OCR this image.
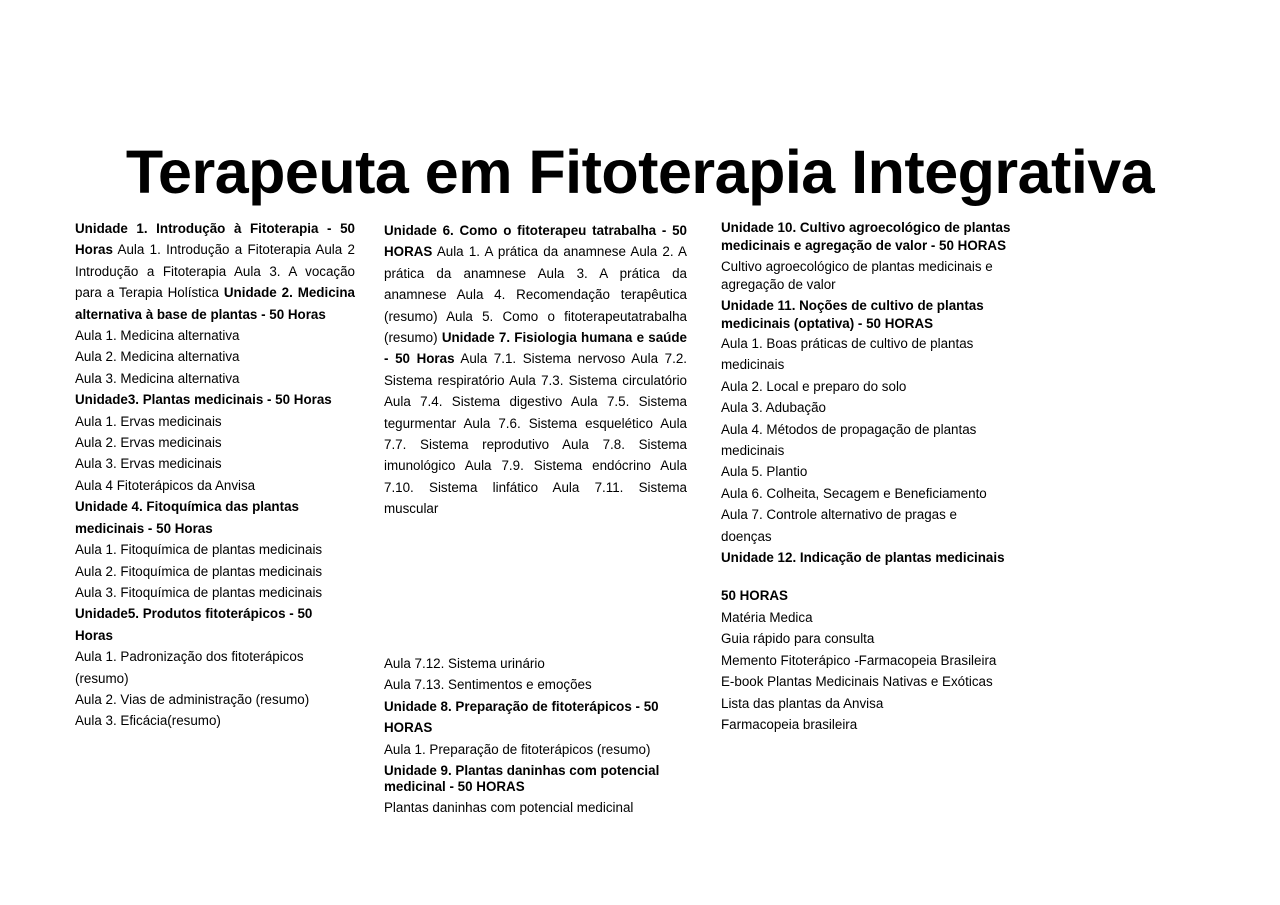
Terapeuta em Fitoterapia Integrativa

Unidade 1. Introdução à Fitoterapia - 50 Horas Aula 1. Introdução a Fitoterapia Aula 2 Introdução a Fitoterapia Aula 3. A vocação para a Terapia Holística Unidade 2. Medicina alternativa à base de plantas - 50 Horas

Aula 1. Medicina alternativa

Aula 2. Medicina alternativa

Aula 3. Medicina alternativa

Unidade3. Plantas medicinais - 50 Horas

Aula 1. Ervas medicinais

Aula 2. Ervas medicinais

Aula 3. Ervas medicinais

Aula 4 Fitoterápicos da Anvisa

Unidade 4. Fitoquímica das plantas medicinais - 50 Horas

Aula 1. Fitoquímica de plantas medicinais

Aula 2. Fitoquímica de plantas medicinais

Aula 3. Fitoquímica de plantas medicinais

Unidade5. Produtos fitoterápicos - 50 Horas

Aula 1. Padronização dos fitoterápicos (resumo)

Aula 2. Vias de administração (resumo)

Aula 3. Eficácia(resumo)

Unidade 6. Como o fitoterapeu tatrabalha - 50 HORAS Aula 1. A prática da anamnese Aula 2. A prática da anamnese Aula 3. A prática da anamnese Aula 4. Recomendação terapêutica (resumo) Aula 5. Como o fitoterapeutatrabalha (resumo) Unidade 7. Fisiologia humana e saúde - 50 Horas Aula 7.1. Sistema nervoso Aula 7.2. Sistema respiratório Aula 7.3. Sistema circulatório Aula 7.4. Sistema digestivo Aula 7.5. Sistema tegurmentar Aula 7.6. Sistema esquelético Aula 7.7. Sistema reprodutivo Aula 7.8. Sistema imunológico Aula 7.9. Sistema endócrino Aula 7.10. Sistema linfático Aula 7.11. Sistema muscular

Aula 7.12. Sistema urinário

Aula 7.13. Sentimentos e emoções

Unidade 8. Preparação de fitoterápicos - 50 HORAS

Aula 1. Preparação de fitoterápicos (resumo)

Unidade 9. Plantas daninhas com potencial medicinal - 50 HORAS

Plantas daninhas com potencial medicinal

Unidade 10. Cultivo agroecológico de plantas medicinais e agregação de valor - 50 HORAS

Cultivo agroecológico de plantas medicinais e agregação de valor

Unidade 11. Noções de cultivo de plantas medicinais (optativa) - 50 HORAS

Aula 1. Boas práticas de cultivo de plantas medicinais

Aula 2. Local e preparo do solo

Aula 3. Adubação

Aula 4. Métodos de propagação de plantas medicinais

Aula 5. Plantio

Aula 6. Colheita, Secagem e Beneficiamento

Aula 7. Controle alternativo de pragas e doenças

Unidade 12. Indicação de plantas medicinais

50 HORAS

Matéria Medica

Guia rápido para consulta

Memento Fitoterápico -Farmacopeia Brasileira

E-book Plantas Medicinais Nativas e Exóticas

Lista das plantas da Anvisa

Farmacopeia brasileira
